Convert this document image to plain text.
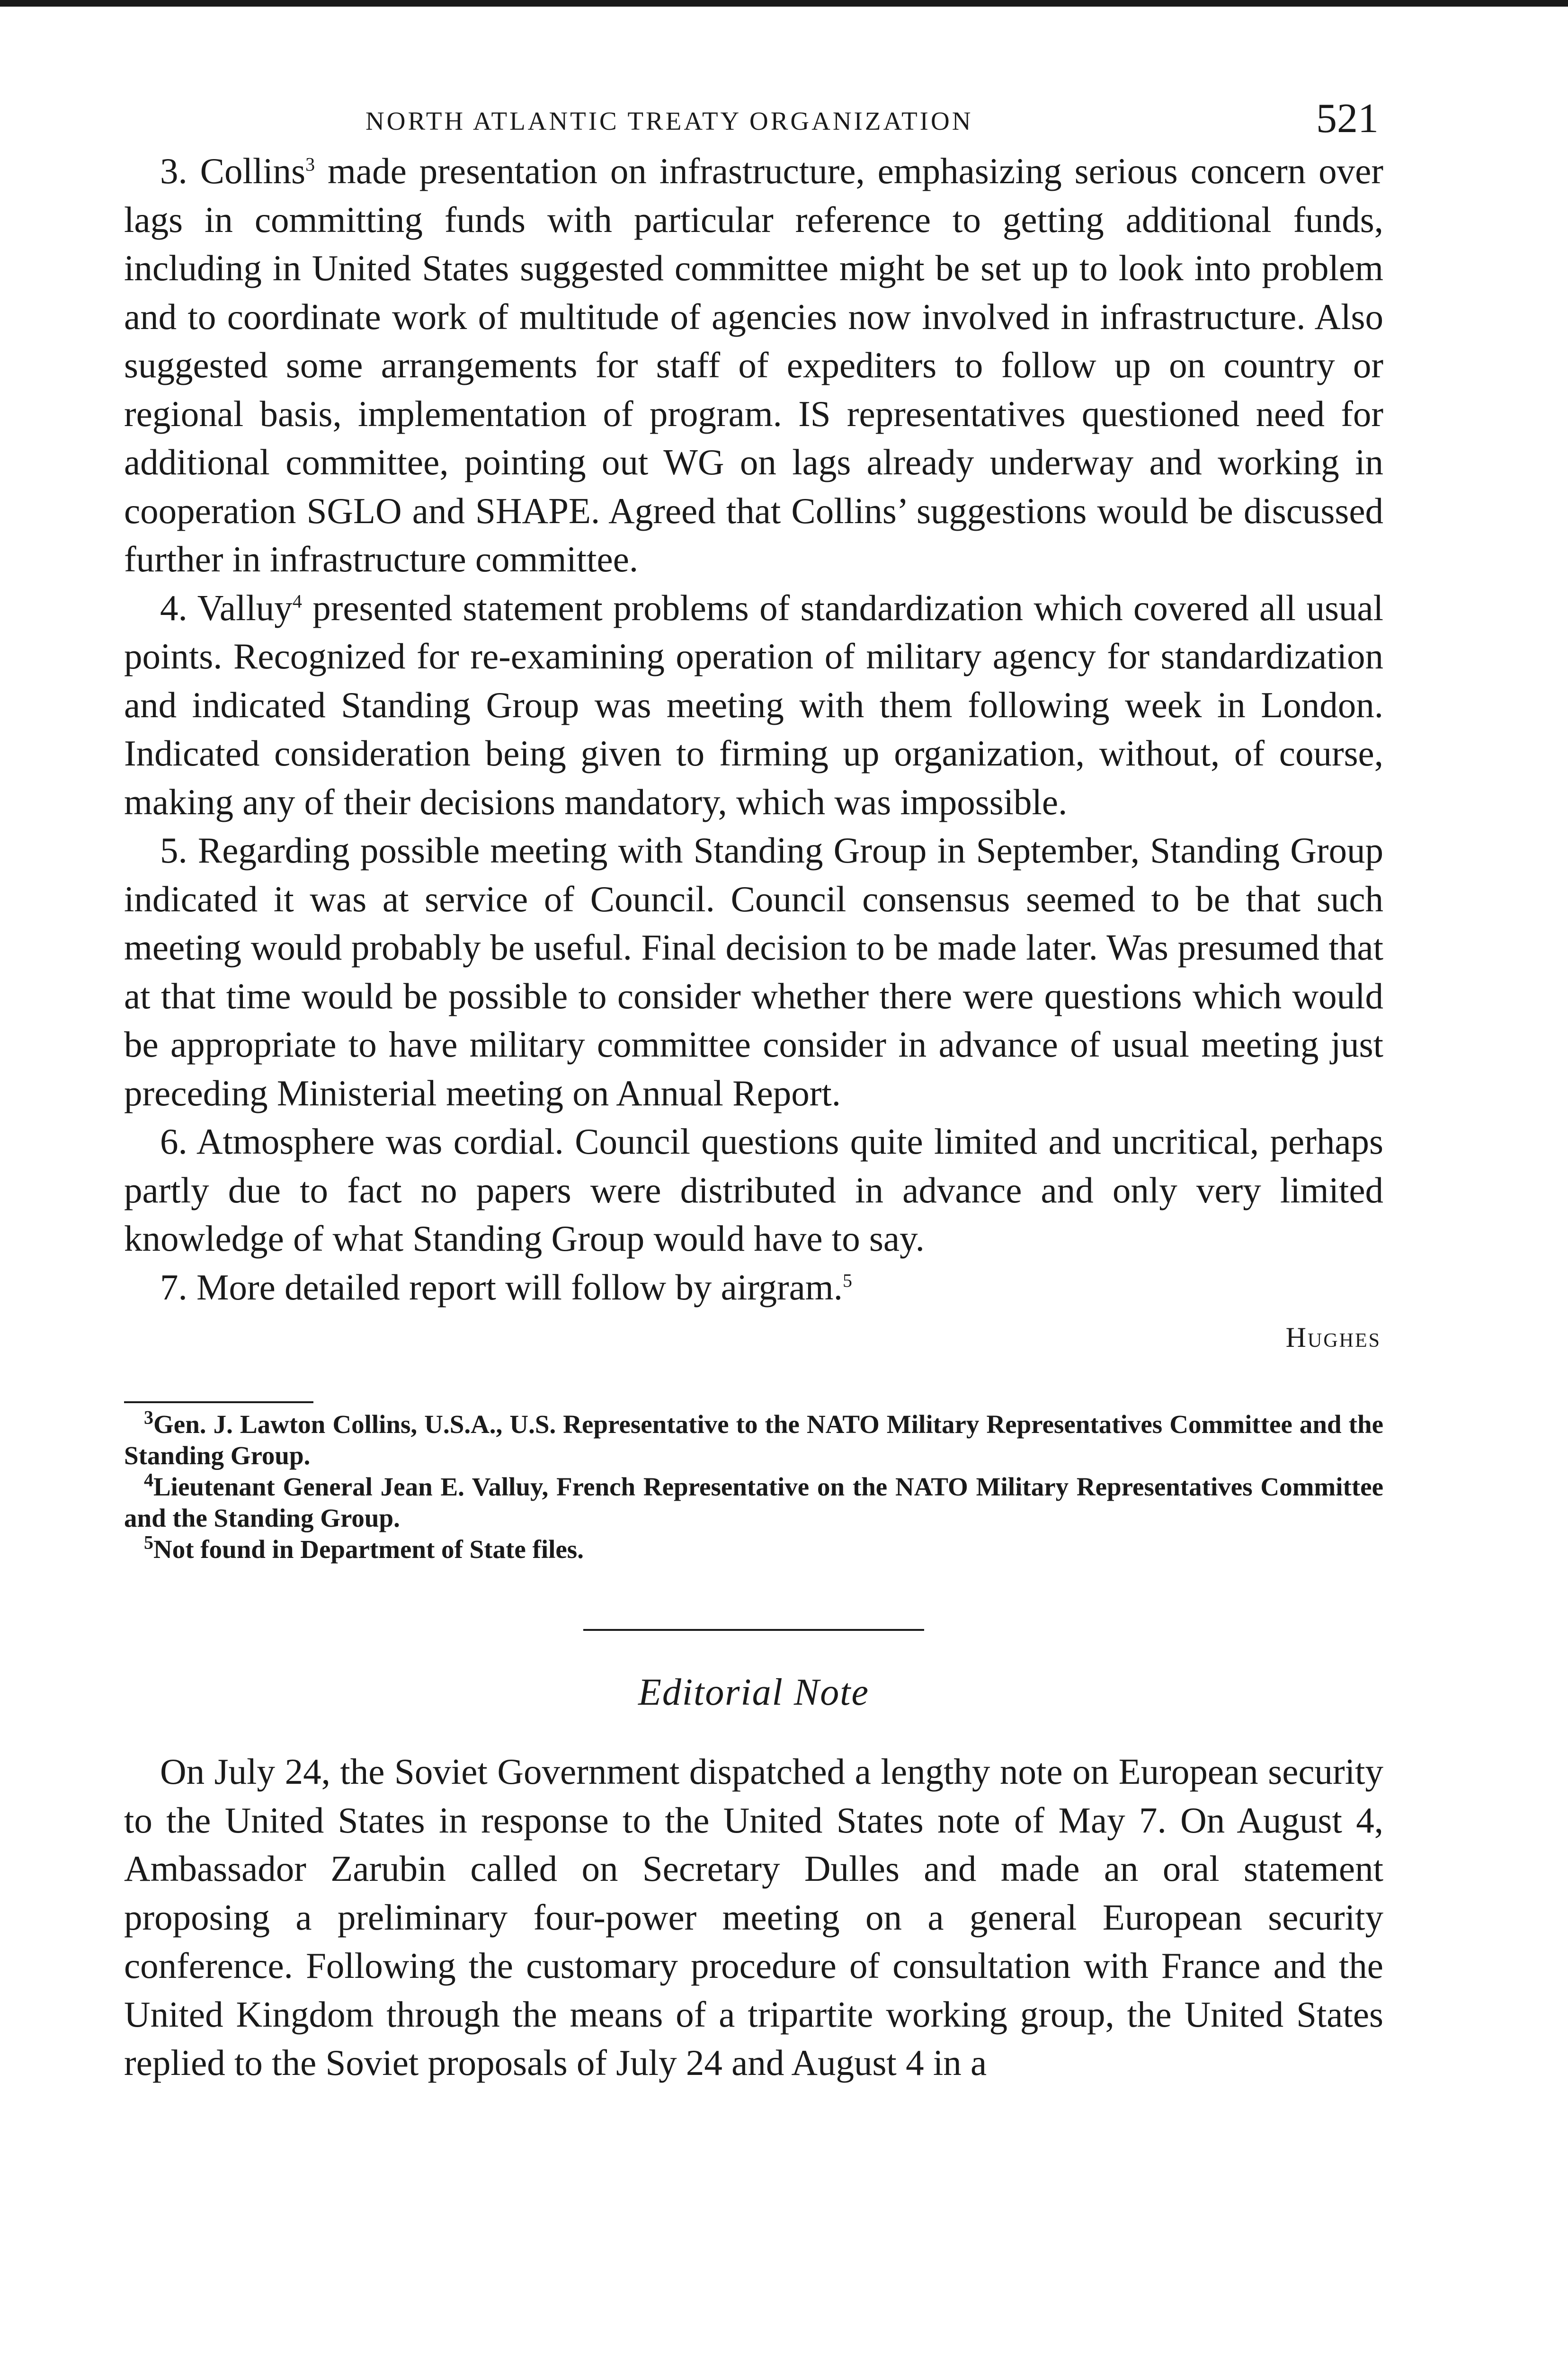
NORTH ATLANTIC TREATY ORGANIZATION	521

3. Collins$^3$ made presentation on infrastructure, emphasizing serious concern over lags in committing funds with particular reference to getting additional funds, including in United States suggested committee might be set up to look into problem and to coordinate work of multitude of agencies now involved in infrastructure. Also suggested some arrangements for staff of expediters to follow up on country or regional basis, implementation of program. IS representatives questioned need for additional committee, pointing out WG on lags already underway and working in cooperation SGLO and SHAPE. Agreed that Collins’ suggestions would be discussed further in infrastructure committee.

4. Valluy$^4$ presented statement problems of standardization which covered all usual points. Recognized for re-examining operation of military agency for standardization and indicated Standing Group was meeting with them following week in London. Indicated consideration being given to firming up organization, without, of course, making any of their decisions mandatory, which was impossible.

5. Regarding possible meeting with Standing Group in September, Standing Group indicated it was at service of Council. Council consensus seemed to be that such meeting would probably be useful. Final decision to be made later. Was presumed that at that time would be possible to consider whether there were questions which would be appropriate to have military committee consider in advance of usual meeting just preceding Ministerial meeting on Annual Report.

6. Atmosphere was cordial. Council questions quite limited and uncritical, perhaps partly due to fact no papers were distributed in advance and only very limited knowledge of what Standing Group would have to say.

7. More detailed report will follow by airgram.$^5$

Hughes

$^3$Gen. J. Lawton Collins, U.S.A., U.S. Representative to the NATO Military Representatives Committee and the Standing Group.

$^4$Lieutenant General Jean E. Valluy, French Representative on the NATO Military Representatives Committee and the Standing Group.

$^5$Not found in Department of State files.

Editorial Note

On July 24, the Soviet Government dispatched a lengthy note on European security to the United States in response to the United States note of May 7. On August 4, Ambassador Zarubin called on Secretary Dulles and made an oral statement proposing a preliminary four-power meeting on a general European security conference. Following the customary procedure of consultation with France and the United Kingdom through the means of a tripartite working group, the United States replied to the Soviet proposals of July 24 and August 4 in a
